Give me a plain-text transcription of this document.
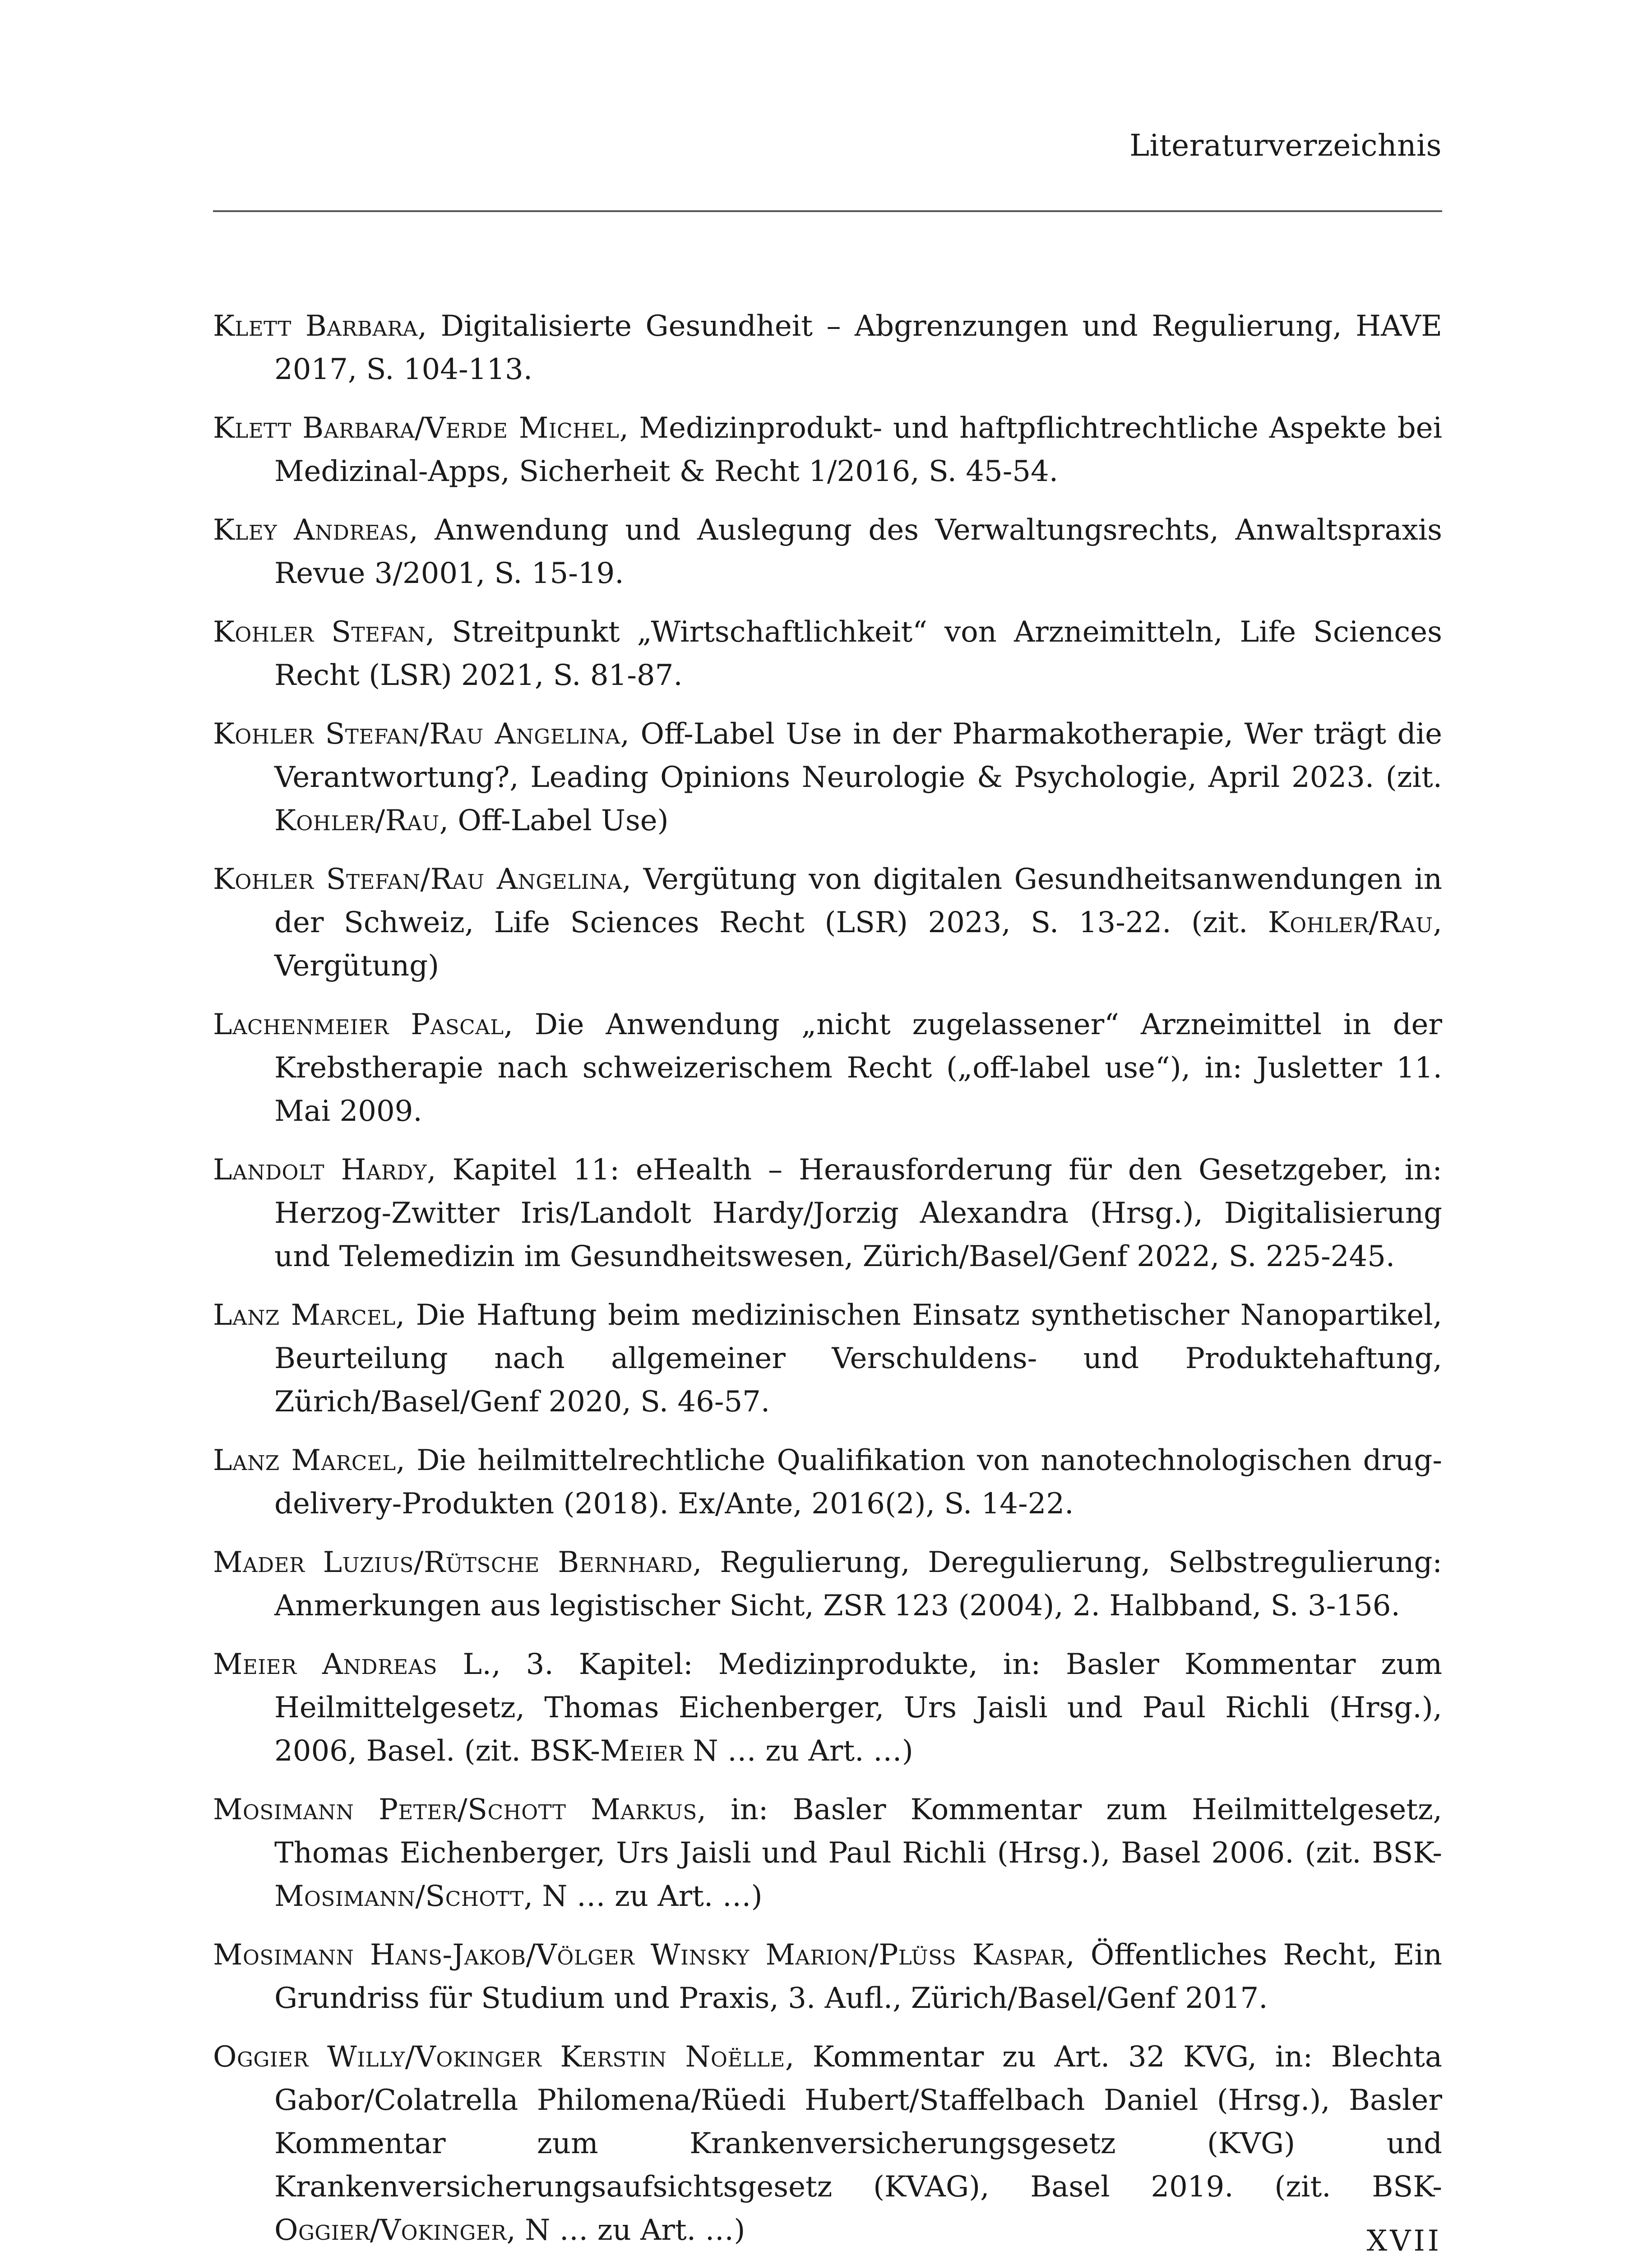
Literaturverzeichnis
Klett Barbara, Digitalisierte Gesundheit – Abgrenzungen und Regulierung, HAVE 2017, S. 104-113.
Klett Barbara/Verde Michel, Medizinprodukt- und haftpflichtrechtliche Aspekte bei Medizinal-Apps, Sicherheit & Recht 1/2016, S. 45-54.
Kley Andreas, Anwendung und Auslegung des Verwaltungsrechts, Anwaltspraxis Revue 3/2001, S. 15-19.
Kohler Stefan, Streitpunkt „Wirtschaftlichkeit“ von Arzneimitteln, Life Sciences Recht (LSR) 2021, S. 81-87.
Kohler Stefan/Rau Angelina, Off-Label Use in der Pharmakotherapie, Wer trägt die Verantwortung?, Leading Opinions Neurologie & Psychologie, April 2023. (zit. Kohler/Rau, Off-Label Use)
Kohler Stefan/Rau Angelina, Vergütung von digitalen Gesundheitsanwendungen in der Schweiz, Life Sciences Recht (LSR) 2023, S. 13-22. (zit. Kohler/Rau, Vergütung)
Lachenmeier Pascal, Die Anwendung „nicht zugelassener“ Arzneimittel in der Krebstherapie nach schweizerischem Recht („off-label use“), in: Jusletter 11. Mai 2009.
Landolt Hardy, Kapitel 11: eHealth – Herausforderung für den Gesetzgeber, in: Herzog-Zwitter Iris/Landolt Hardy/Jorzig Alexandra (Hrsg.), Digitalisierung und Telemedizin im Gesundheitswesen, Zürich/Basel/Genf 2022, S. 225-245.
Lanz Marcel, Die Haftung beim medizinischen Einsatz synthetischer Nanopartikel, Beurteilung nach allgemeiner Verschuldens- und Produktehaftung, Zürich/Basel/Genf 2020, S. 46-57.
Lanz Marcel, Die heilmittelrechtliche Qualifikation von nanotechnologischen drug-delivery-Produkten (2018). Ex/Ante, 2016(2), S. 14-22.
Mader Luzius/Rütsche Bernhard, Regulierung, Deregulierung, Selbstregulierung: Anmerkungen aus legistischer Sicht, ZSR 123 (2004), 2. Halbband, S. 3-156.
Meier Andreas L., 3. Kapitel: Medizinprodukte, in: Basler Kommentar zum Heilmittelgesetz, Thomas Eichenberger, Urs Jaisli und Paul Richli (Hrsg.), 2006, Basel. (zit. BSK-Meier N … zu Art. …)
Mosimann Peter/Schott Markus, in: Basler Kommentar zum Heilmittelgesetz, Thomas Eichenberger, Urs Jaisli und Paul Richli (Hrsg.), Basel 2006. (zit. BSK-Mosimann/Schott, N … zu Art. …)
Mosimann Hans-Jakob/Völger Winsky Marion/Plüss Kaspar, Öffentliches Recht, Ein Grundriss für Studium und Praxis, 3. Aufl., Zürich/Basel/Genf 2017.
Oggier Willy/Vokinger Kerstin Noëlle, Kommentar zu Art. 32 KVG, in: Blechta Gabor/Colatrella Philomena/Rüedi Hubert/Staffelbach Daniel (Hrsg.), Basler Kommentar zum Krankenversicherungsgesetz (KVG) und Krankenversicherungsaufsichtsgesetz (KVAG), Basel 2019. (zit. BSK-Oggier/Vokinger, N … zu Art. …)	XVII
